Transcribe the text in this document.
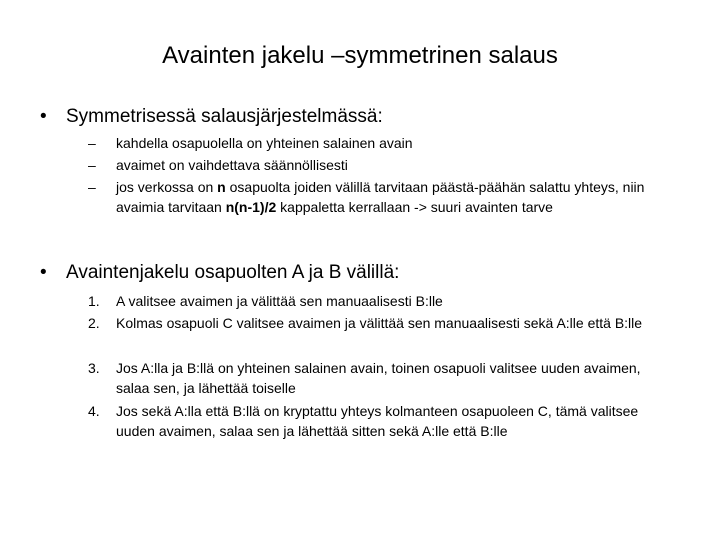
Avainten jakelu –symmetrinen salaus
• Symmetrisessä salausjärjestelmässä:
– kahdella osapuolella on yhteinen salainen avain
– avaimet on vaihdettava säännöllisesti
– jos verkossa on n osapuolta joiden välillä tarvitaan päästä-päähän salattu yhteys, niin avaimia tarvitaan n(n-1)/2 kappaletta kerrallaan -> suuri avainten tarve
• Avaintenjakelu osapuolten A ja B välillä:
1. A valitsee avaimen ja välittää sen manuaalisesti B:lle
2. Kolmas osapuoli C valitsee avaimen ja välittää sen manuaalisesti sekä A:lle että B:lle
3. Jos A:lla ja B:llä on yhteinen salainen avain, toinen osapuoli valitsee uuden avaimen, salaa sen, ja lähettää toiselle
4. Jos sekä A:lla että B:llä on kryptattu yhteys kolmanteen osapuoleen C, tämä valitsee uuden avaimen, salaa sen ja lähettää sitten sekä A:lle että B:lle
